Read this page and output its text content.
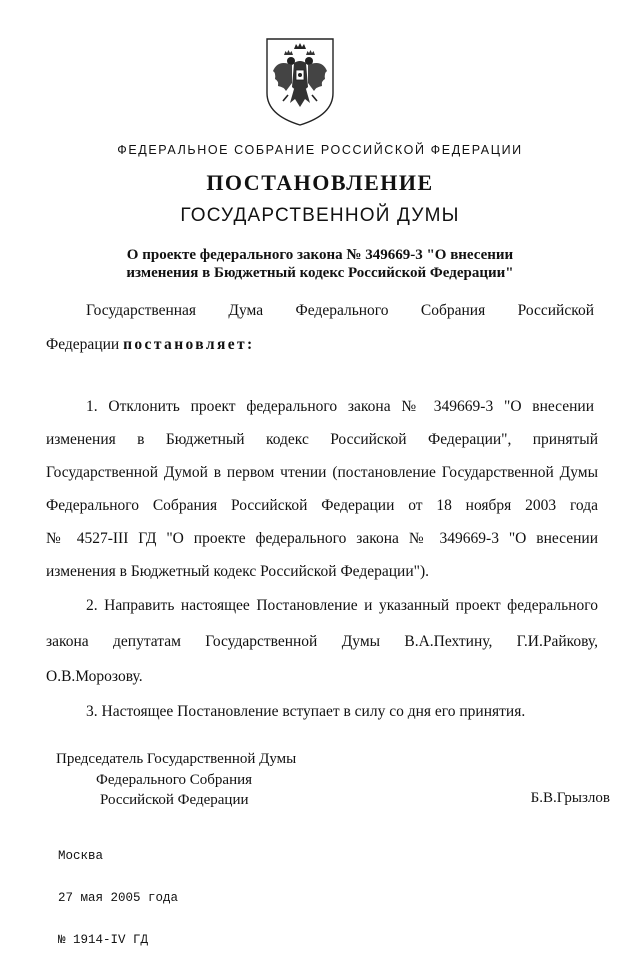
ФЕДЕРАЛЬНОЕ СОБРАНИЕ РОССИЙСКОЙ ФЕДЕРАЦИИ
ПОСТАНОВЛЕНИЕ
ГОСУДАРСТВЕННОЙ ДУМЫ
О проекте федерального закона № 349669-3 "О внесении
изменения в Бюджетный кодекс Российской Федерации"
Государственная Дума Федерального Собрания Российской
Федерации постановляет:
1. Отклонить проект федерального закона № 349669-3 "О внесении
изменения в Бюджетный кодекс Российской Федерации", принятый
Государственной Думой в первом чтении (постановление Государственной Думы
Федерального Собрания Российской Федерации от 18 ноября 2003 года
№ 4527-III ГД "О проекте федерального закона № 349669-3 "О внесении
изменения в Бюджетный кодекс Российской Федерации").
2. Направить настоящее Постановление и указанный проект федерального
закона депутатам Государственной Думы В.А.Пехтину, Г.И.Райкову,
О.В.Морозову.
3. Настоящее Постановление вступает в силу со дня его принятия.
Председатель Государственной Думы
Федерального Собрания
Российской Федерации	Б.В.Грызлов

Москва

27 мая 2005 года

№ 1914-IV ГД
